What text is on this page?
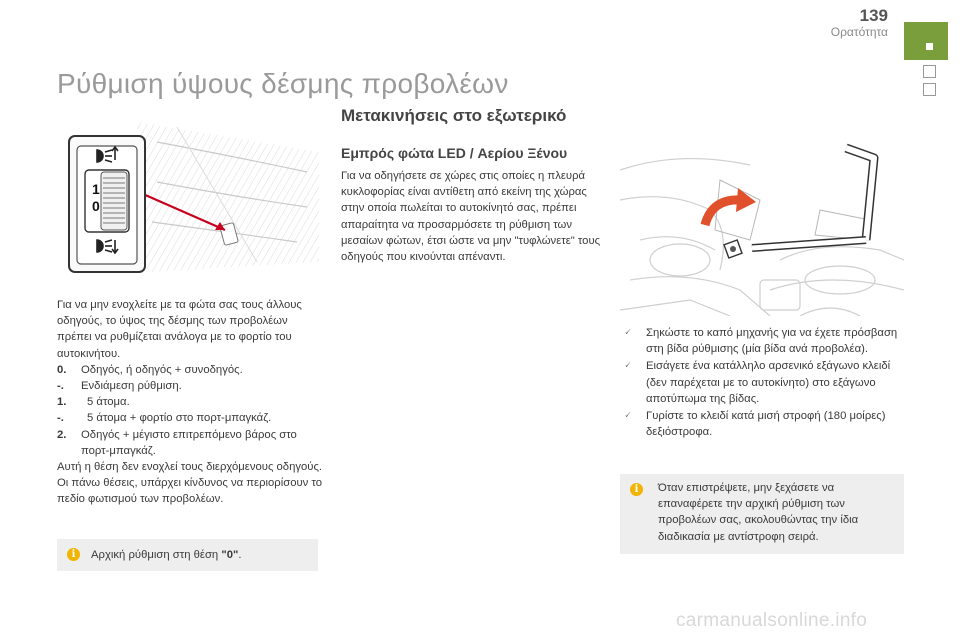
139
Ορατότητα
Ρύθμιση ύψους δέσμης προβολέων
1
0

Για να μην ενοχλείτε με τα φώτα σας τους άλλους οδηγούς, το ύψος της δέσμης των προβολέων πρέπει να ρυθμίζεται ανάλογα με το φορτίο του αυτοκινήτου.

0.	Οδηγός, ή οδηγός + συνοδηγός.
-.	Ενδιάμεση ρύθμιση.
1.	5 άτομα.
-.	5 άτομα + φορτίο στο πορτ-μπαγκάζ.
2.	Οδηγός + μέγιστο επιτρεπόμενο βάρος στο πορτ-μπαγκάζ.

Αυτή η θέση δεν ενοχλεί τους διερχόμενους οδηγούς.

Οι πάνω θέσεις, υπάρχει κίνδυνος να περιορίσουν το πεδίο φωτισμού των προβολέων.

i	Αρχική ρύθμιση στη θέση "0".
Μετακινήσεις στο εξωτερικό
Εμπρός φώτα LED / Αερίου Ξένου
Για να οδηγήσετε σε χώρες στις οποίες η πλευρά κυκλοφορίας είναι αντίθετη από εκείνη της χώρας στην οποία πωλείται το αυτοκίνητό σας, πρέπει απαραίτητα να προσαρμόσετε τη ρύθμιση των μεσαίων φώτων, έτσι ώστε να μην "τυφλώνετε" τους οδηγούς που κινούνται απέναντι.
🗸	Σηκώστε το καπό μηχανής για να έχετε πρόσβαση στη βίδα ρύθμισης (μία βίδα ανά προβολέα).
🗸	Εισάγετε ένα κατάλληλο αρσενικό εξάγωνο κλειδί (δεν παρέχεται με το αυτοκίνητο) στο εξάγωνο αποτύπωμα της βίδας.
🗸	Γυρίστε το κλειδί κατά μισή στροφή (180 μοίρες) δεξιόστροφα.
i	Όταν επιστρέψετε, μην ξεχάσετε να επαναφέρετε την αρχική ρύθμιση των προβολέων σας, ακολουθώντας την ίδια διαδικασία με αντίστροφη σειρά.
carmanualsonline.info
